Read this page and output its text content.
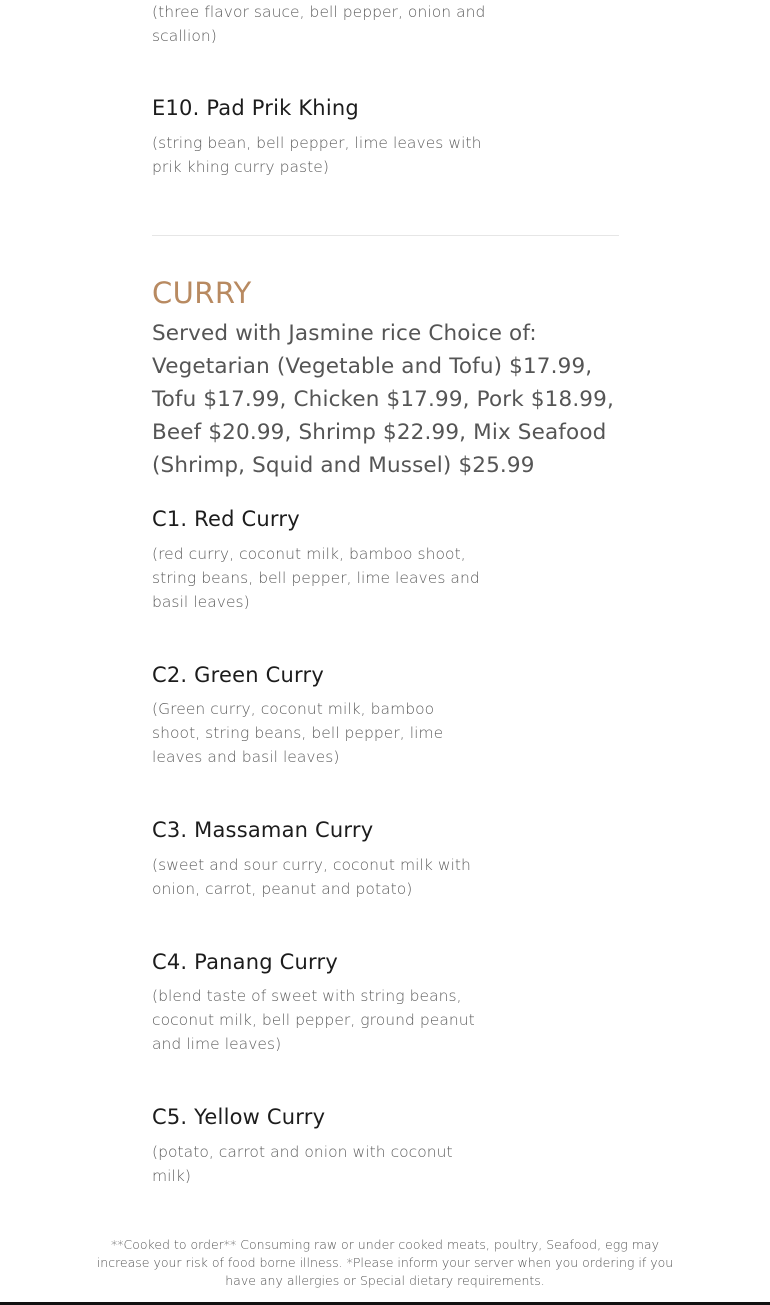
(three flavor sauce, bell pepper, onion and scallion)
E10. Pad Prik Khing
(string bean, bell pepper, lime leaves with prik khing curry paste)
CURRY
Served with Jasmine rice Choice of: Vegetarian (Vegetable and Tofu) $17.99, Tofu $17.99, Chicken $17.99, Pork $18.99, Beef $20.99, Shrimp $22.99, Mix Seafood (Shrimp, Squid and Mussel) $25.99
C1. Red Curry
(red curry, coconut milk, bamboo shoot, string beans, bell pepper, lime leaves and basil leaves)
C2. Green Curry
(Green curry, coconut milk, bamboo shoot, string beans, bell pepper, lime leaves and basil leaves)
C3. Massaman Curry
(sweet and sour curry, coconut milk with onion, carrot, peanut and potato)
C4. Panang Curry
(blend taste of sweet with string beans, coconut milk, bell pepper, ground peanut and lime leaves)
C5. Yellow Curry
(potato, carrot and onion with coconut milk)
**Cooked to order** Consuming raw or under cooked meats, poultry, Seafood, egg may increase your risk of food borne illness. *Please inform your server when you ordering if you have any allergies or Special dietary requirements.
